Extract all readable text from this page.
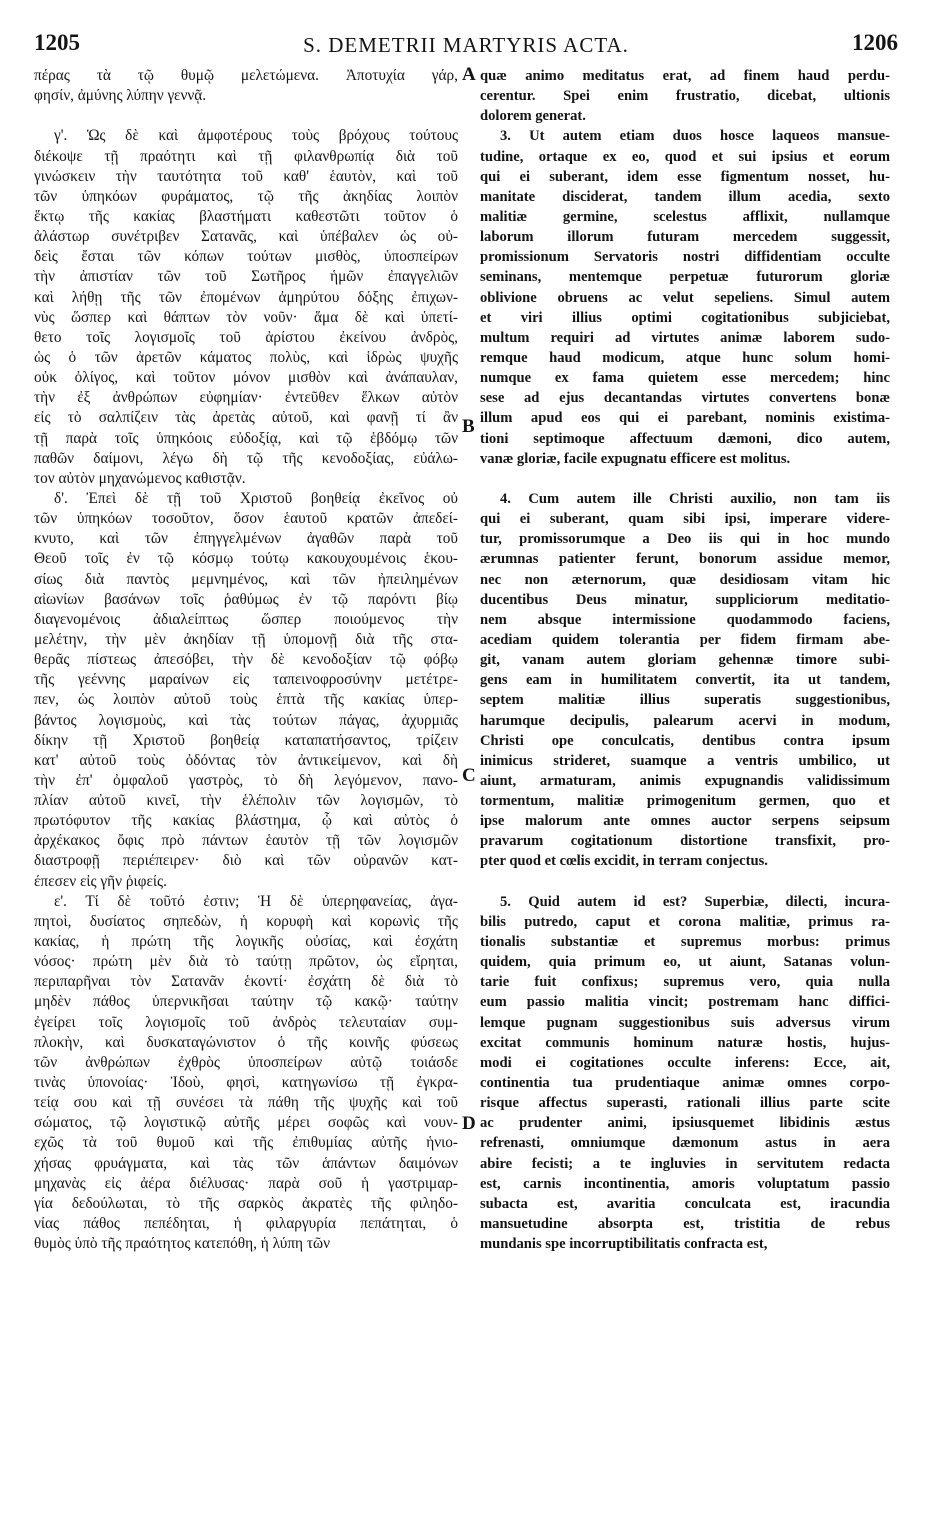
1205	S. DEMETRII MARTYRIS ACTA.	1206
πέρας τὰ τῷ θυμῷ μελετώμενα. Ἀποτυχία γάρ,
φησίν, ἀμύνης λύπην γεννᾷ.
γ'. Ὡς δὲ καὶ ἀμφοτέρους τοὺς βρόχους τούτους
διέκοψε τῇ πραότητι καὶ τῇ φιλανθρωπίᾳ διὰ τοῦ
γινώσκειν τὴν ταυτότητα τοῦ καθ' ἑαυτὸν, καὶ τοῦ
τῶν ὑπηκόων φυράματος, τῷ τῆς ἀκηδίας λοιπὸν
ἕκτῳ τῆς κακίας βλαστήματι καθεστῶτι τοῦτον ὁ
ἀλάστωρ συνέτριβεν Σατανᾶς, καὶ ὑπέβαλεν ὡς οὐ-
δεὶς ἔσται τῶν κόπων τούτων μισθὸς, ὑποσπείρων
τὴν ἀπιστίαν τῶν τοῦ Σωτῆρος ἡμῶν ἐπαγγελιῶν
καὶ λήθῃ τῆς τῶν ἐπομένων ἀμηρύτου δόξης ἐπιχων-
νὺς ὥσπερ καὶ θάπτων τὸν νοῦν· ἅμα δὲ καὶ ὑπετί-
θετο τοῖς λογισμοῖς τοῦ ἀρίστου ἐκείνου ἀνδρὸς,
ὡς ὁ τῶν ἀρετῶν κάματος πολὺς, καὶ ἱδρὼς ψυχῆς
οὐκ ὀλίγος, καὶ τοῦτον μόνον μισθὸν καὶ ἀνάπαυλαν,
τὴν ἐξ ἀνθρώπων εὐφημίαν· ἐντεῦθεν ἕλκων αὐτὸν
εἰς τὸ σαλπίζειν τὰς ἀρετὰς αὐτοῦ, καὶ φανῇ τί ἂν
τῇ παρὰ τοῖς ὑπηκόοις εὐδοξίᾳ, καὶ τῷ ἑβδόμῳ τῶν
παθῶν δαίμονι, λέγω δὴ τῷ τῆς κενοδοξίας, εὐάλω-
τον αὐτὸν μηχανώμενος καθιστᾷν.
δ'. Ἐπεὶ δὲ τῇ τοῦ Χριστοῦ βοηθείᾳ ἐκεῖνος οὐ
τῶν ὑπηκόων τοσοῦτον, ὅσον ἑαυτοῦ κρατῶν ἀπεδεί-
κνυτο, καὶ τῶν ἐπηγγελμένων ἀγαθῶν παρὰ τοῦ
Θεοῦ τοῖς ἐν τῷ κόσμῳ τούτῳ κακουχουμένοις ἑκου-
σίως διὰ παντὸς μεμνημένος, καὶ τῶν ἠπειλημένων
αἰωνίων βασάνων τοῖς ῥαθύμως ἐν τῷ παρόντι βίῳ
διαγενομένοις ἀδιαλείπτως ὥσπερ ποιούμενος τὴν
μελέτην, τὴν μὲν ἀκηδίαν τῇ ὑπομονῇ διὰ τῆς στα-
θερᾶς πίστεως ἀπεσόβει, τὴν δὲ κενοδοξίαν τῷ φόβῳ
τῆς γεέννης μαραίνων εἰς ταπεινοφροσύνην μετέτρε-
πεν, ὡς λοιπὸν αὐτοῦ τοὺς ἑπτὰ τῆς κακίας ὑπερ-
βάντος λογισμοὺς, καὶ τὰς τούτων πάγας, ἀχυρμιᾶς
δίκην τῇ Χριστοῦ βοηθείᾳ καταπατήσαντος, τρίζειν
κατ' αὐτοῦ τοὺς ὀδόντας τὸν ἀντικείμενον, καὶ δὴ
τὴν ἐπ' ὀμφαλοῦ γαστρὸς, τὸ δὴ λεγόμενον, πανο-
πλίαν αὐτοῦ κινεῖ, τὴν ἑλέπολιν τῶν λογισμῶν, τὸ
πρωτόφυτον τῆς κακίας βλάστημα, ᾧ καὶ αὐτὸς ὁ
ἀρχέκακος ὄφις πρὸ πάντων ἑαυτὸν τῇ τῶν λογισμῶν
διαστροφῇ περιέπειρεν· διὸ καὶ τῶν οὐρανῶν κατ-
έπεσεν εἰς γῆν ῥιφείς.
ε'. Τί δὲ τοῦτό ἐστιν; Ἡ δὲ ὑπερηφανείας, ἀγα-
πητοὶ, δυσίατος σηπεδὼν, ἡ κορυφὴ καὶ κορωνὶς τῆς
κακίας, ἡ πρώτη τῆς λογικῆς οὐσίας, καὶ ἐσχάτη
νόσος· πρώτη μὲν διὰ τὸ ταύτῃ πρῶτον, ὡς εἴρηται,
περιπαρῆναι τὸν Σατανᾶν ἑκοντί· ἐσχάτη δὲ διὰ τὸ
μηδὲν πάθος ὑπερνικῆσαι ταύτην τῷ κακῷ· ταύτην
ἐγείρει τοῖς λογισμοῖς τοῦ ἀνδρὸς τελευταίαν συμ-
πλοκὴν, καὶ δυσκαταγώνιστον ὁ τῆς κοινῆς φύσεως
τῶν ἀνθρώπων ἐχθρὸς ὑποσπείρων αὐτῷ τοιάσδε
τινὰς ὑπονοίας· Ἰδοὺ, φησὶ, κατηγωνίσω τῇ ἐγκρα-
τείᾳ σου καὶ τῇ συνέσει τὰ πάθη τῆς ψυχῆς καὶ τοῦ
σώματος, τῷ λογιστικῷ αὐτῆς μέρει σοφῶς καὶ νουν-
εχῶς τὰ τοῦ θυμοῦ καὶ τῆς ἐπιθυμίας αὐτῆς ἡνιο-
χήσας φρυάγματα, καὶ τὰς τῶν ἁπάντων δαιμόνων
μηχανὰς εἰς ἀέρα διέλυσας· παρὰ σοῦ ἡ γαστριμαρ-
γία δεδούλωται, τὸ τῆς σαρκὸς ἀκρατὲς τῆς φιληδο-
νίας πάθος πεπέδηται, ἡ φιλαργυρία πεπάτηται, ὁ
θυμὸς ὑπὸ τῆς πραότητος κατεπόθη, ἡ λύπη τῶν
quæ animo meditatus erat, ad finem haud perdu-
cerentur. Spei enim frustratio, dicebat, ultionis
dolorem generat.
3. Ut autem etiam duos hosce laqueos mansue-
tudine, ortaque ex eo, quod et sui ipsius et eorum
qui ei suberant, idem esse figmentum nosset, hu-
manitate disciderat, tandem illum acedia, sexto
malitiæ germine, scelestus afflixit, nullamque
laborum illorum futuram mercedem suggessit,
promissionum Servatoris nostri diffidentiam occulte
seminans, mentemque perpetuæ futurorum gloriæ
oblivione obruens ac velut sepeliens. Simul autem
et viri illius optimi cogitationibus subjiciebat,
multum requiri ad virtutes animæ laborem sudo-
remque haud modicum, atque hunc solum homi-
numque ex fama quietem esse mercedem; hinc
sese ad ejus decantandas virtutes convertens bonæ
illum apud eos qui ei parebant, nominis existima-
tioni septimoque affectuum dæmoni, dico autem,
vanæ gloriæ, facile expugnatu efficere est molitus.
4. Cum autem ille Christi auxilio, non tam iis
qui ei suberant, quam sibi ipsi, imperare videre-
tur, promissorumque a Deo iis qui in hoc mundo
ærumnas patienter ferunt, bonorum assidue memor,
nec non æternorum, quæ desidiosam vitam hic
ducentibus Deus minatur, suppliciorum meditatio-
nem absque intermissione quodammodo faciens,
acediam quidem tolerantia per fidem firmam abe-
git, vanam autem gloriam gehennæ timore subi-
gens eam in humilitatem convertit, ita ut tandem,
septem malitiæ illius superatis suggestionibus,
harumque decipulis, palearum acervi in modum,
Christi ope conculcatis, dentibus contra ipsum
inimicus strideret, suamque a ventris umbilico, ut
aiunt, armaturam, animis expugnandis validissimum
tormentum, malitiæ primogenitum germen, quo et
ipse malorum ante omnes auctor serpens seipsum
pravarum cogitationum distortione transfixit, pro-
pter quod et cœlis excidit, in terram conjectus.
5. Quid autem id est? Superbiæ, dilecti, incura-
bilis putredo, caput et corona malitiæ, primus ra-
tionalis substantiæ et supremus morbus: primus
quidem, quia primum eo, ut aiunt, Satanas volun-
tarie fuit confixus; supremus vero, quia nulla
eum passio malitia vincit; postremam hanc diffici-
lemque pugnam suggestionibus suis adversus virum
excitat communis hominum naturæ hostis, hujus-
modi ei cogitationes occulte inferens: Ecce, ait,
continentia tua prudentiaque animæ omnes corpo-
risque affectus superasti, rationali illius parte scite
ac prudenter animi, ipsiusquemet libidinis æstus
refrenasti, omniumque dæmonum astus in aera
abire fecisti; a te ingluvies in servitutem redacta
est, carnis incontinentia, amoris voluptatum passio
subacta est, avaritia conculcata est, iracundia
mansuetudine absorpta est, tristitia de rebus
mundanis spe incorruptibilitatis confracta est,
A
B
C
D
